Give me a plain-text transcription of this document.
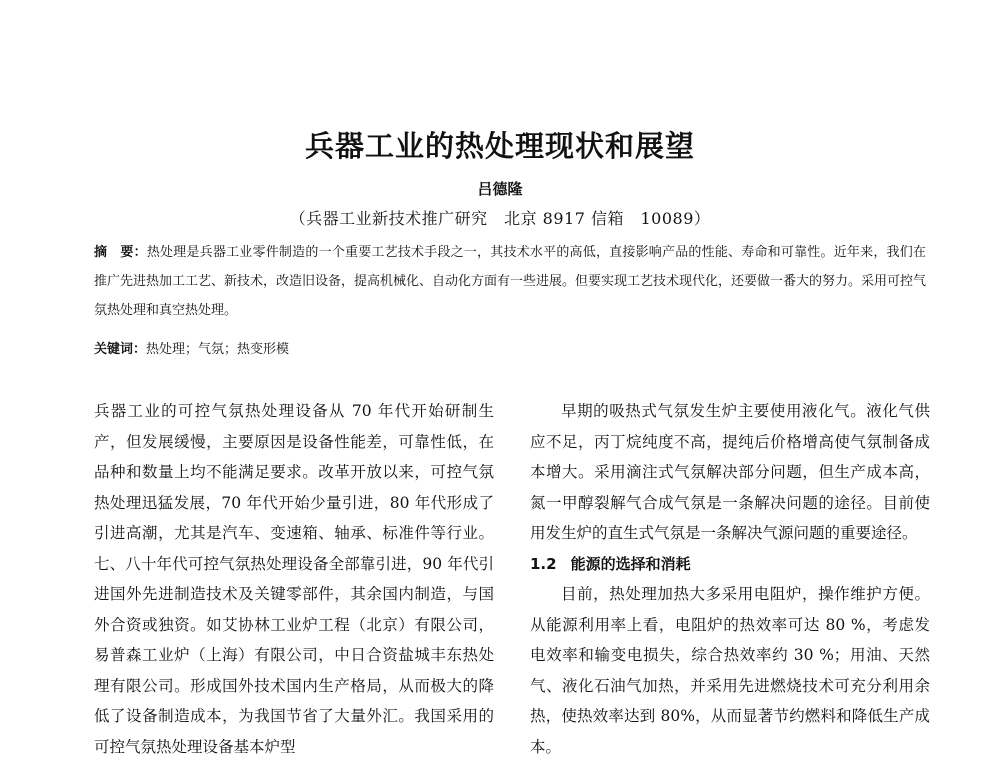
兵器工业的热处理现状和展望
吕德隆
（兵器工业新技术推广研究　北京 8917 信箱　10089）
摘　要：热处理是兵器工业零件制造的一个重要工艺技术手段之一，其技术水平的高低，直接影响产品的性能、寿命和可靠性。近年来，我们在推广先进热加工工艺、新技术，改造旧设备，提高机械化、自动化方面有一些进展。但要实现工艺技术现代化，还要做一番大的努力。采用可控气氛热处理和真空热处理。
关键词：热处理；气氛；热变形模

兵器工业的可控气氛热处理设备从 70 年代开始研制生产，但发展缓慢，主要原因是设备性能差，可靠性低，在品种和数量上均不能满足要求。改革开放以来，可控气氛热处理迅猛发展，70 年代开始少量引进，80 年代形成了引进高潮，尤其是汽车、变速箱、轴承、标准件等行业。七、八十年代可控气氛热处理设备全部靠引进，90 年代引进国外先进制造技术及关键零部件，其余国内制造，与国外合资或独资。如艾协林工业炉工程（北京）有限公司，易普森工业炉（上海）有限公司，中日合资盐城丰东热处理有限公司。形成国外技术国内生产格局，从而极大的降低了设备制造成本，为我国节省了大量外汇。我国采用的可控气氛热处理设备基本炉型

早期的吸热式气氛发生炉主要使用液化气。液化气供应不足，丙丁烷纯度不高，提纯后价格增高使气氛制备成本增大。采用滴注式气氛解决部分问题，但生产成本高，氮一甲醇裂解气合成气氛是一条解决问题的途径。目前使用发生炉的直生式气氛是一条解决气源问题的重要途径。

1.2 能源的选择和消耗

目前，热处理加热大多采用电阻炉，操作维护方便。从能源利用率上看，电阻炉的热效率可达 80 %，考虑发电效率和输变电损失，综合热效率约 30 %；用油、天然气、液化石油气加热，并采用先进燃烧技术可充分利用余热，使热效率达到 80%，从而显著节约燃料和降低生产成本。
